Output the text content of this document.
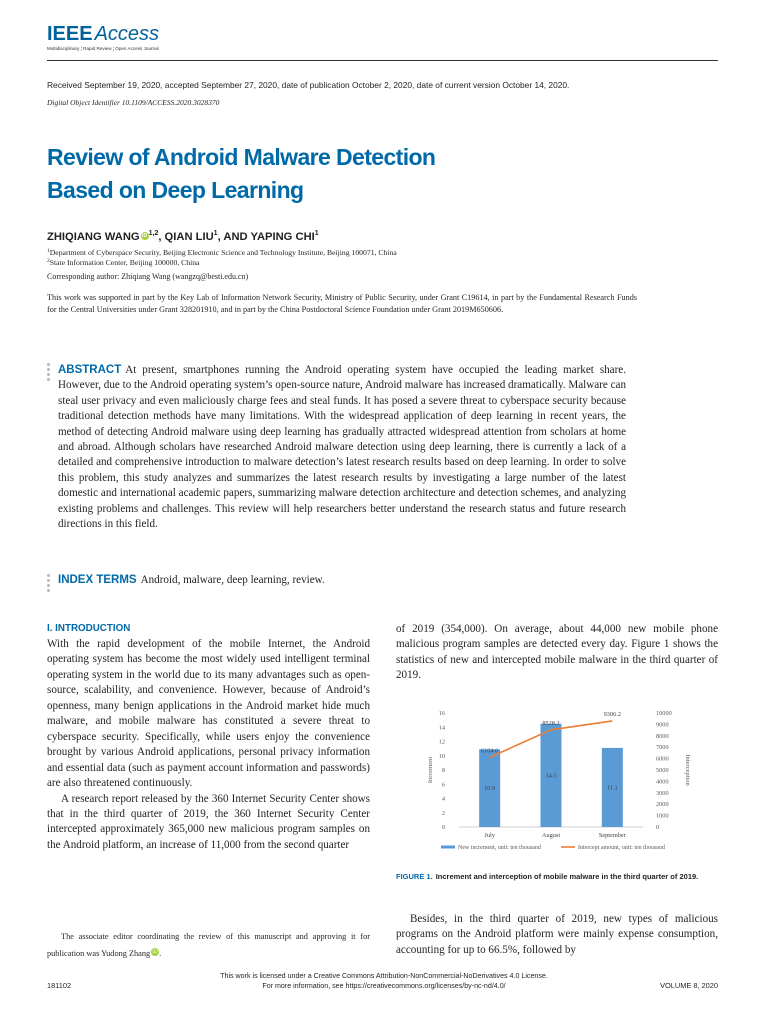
IEEE Access
Multidisciplinary ¦ Rapid Review ¦ Open Access Journal
Received September 19, 2020, accepted September 27, 2020, date of publication October 2, 2020, date of current version October 14, 2020.
Digital Object Identifier 10.1109/ACCESS.2020.3028370
Review of Android Malware Detection
Based on Deep Learning
ZHIQIANG WANG iD$^{1,2}$, QIAN LIU$^1$, AND YAPING CHI$^1$
$^1$Department of Cyberspace Security, Beijing Electronic Science and Technology Institute, Beijing 100071, China
$^2$State Information Center, Beijing 100000, China
Corresponding author: Zhiqiang Wang (wangzq@besti.edu.cn)
This work was supported in part by the Key Lab of Information Network Security, Ministry of Public Security, under Grant C19614, in part by the Fundamental Research Funds for the Central Universities under Grant 328201910, and in part by the China Postdoctoral Science Foundation under Grant 2019M650606.
ABSTRACT At present, smartphones running the Android operating system have occupied the leading market share. However, due to the Android operating system’s open-source nature, Android malware has increased dramatically. Malware can steal user privacy and even maliciously charge fees and steal funds. It has posed a severe threat to cyberspace security because traditional detection methods have many limitations. With the widespread application of deep learning in recent years, the method of detecting Android malware using deep learning has gradually attracted widespread attention from scholars at home and abroad. Although scholars have researched Android malware detection using deep learning, there is currently a lack of a detailed and comprehensive introduction to malware detection’s latest research results based on deep learning. In order to solve this problem, this study analyzes and summarizes the latest research results by investigating a large number of the latest domestic and international academic papers, summarizing malware detection architecture and detection schemes, and analyzing existing problems and challenges. This review will help researchers better understand the research status and future research directions in this field.
INDEX TERMS Android, malware, deep learning, review.
I. INTRODUCTION

With the rapid development of the mobile Internet, the Android operating system has become the most widely used intelligent terminal operating system in the world due to its many advantages such as open-source, scalability, and convenience. However, because of Android’s openness, many benign applications in the Android market hide much malware, and mobile malware has constituted a severe threat to cyberspace security. Specifically, while users enjoy the convenience brought by various Android applications, personal privacy information and essential data (such as payment account information and passwords) are also threatened continuously.

A research report released by the 360 Internet Security Center shows that in the third quarter of 2019, the 360 Internet Security Center intercepted approximately 365,000 new malicious program samples on the Android platform, an increase of 11,000 from the second quarter

of 2019 (354,000). On average, about 44,000 new mobile phone malicious program samples are detected every day. Figure 1 shows the statistics of new and intercepted mobile malware in the third quarter of 2019.

0
2
4
6
8
10
12
14
16
0
1000
2000
3000
4000
5000
6000
7000
8000
9000
10000
Increment	Interception
10.9
14.5
11.1
6104.6
8528.2
9306.2
July	August	September
New increment, unit: ten thousand	Intercept amount, unit: ten thousand
FIGURE 1. Increment and interception of mobile malware in the third quarter of 2019.

Besides, in the third quarter of 2019, new types of malicious programs on the Android platform were mainly expense consumption, accounting for up to 66.5%, followed by

The associate editor coordinating the review of this manuscript and approving it for publication was Yudong Zhang iD.
This work is licensed under a Creative Commons Attribution-NonCommercial-NoDerivatives 4.0 License.
For more information, see https://creativecommons.org/licenses/by-nc-nd/4.0/
181102	VOLUME 8, 2020
